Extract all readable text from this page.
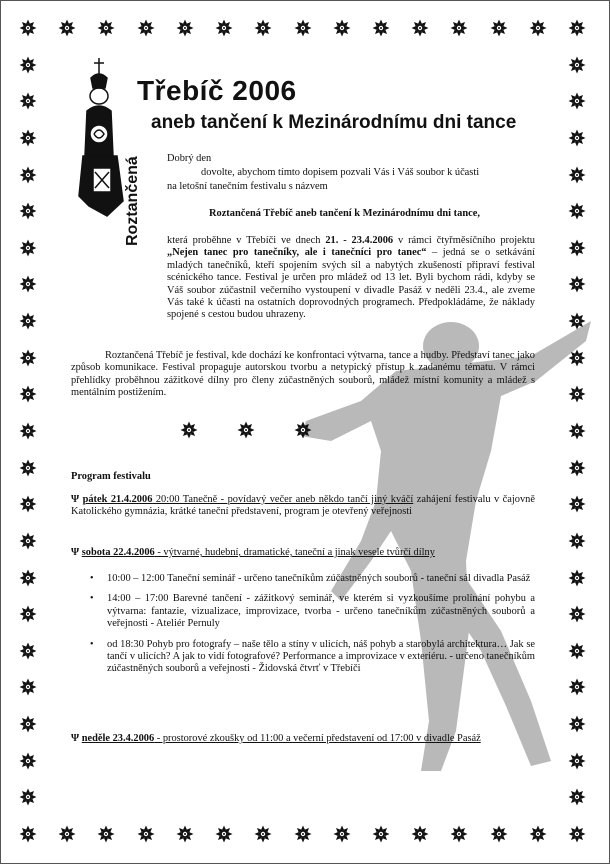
Roztančená
Třebíč 2006
aneb tančení k Mezinárodnímu dni tance
Dobrý den
dovolte, abychom tímto dopisem pozvali Vás i Váš soubor k účasti
na letošní tanečním festivalu s názvem
Roztančená Třebíč aneb tančení k Mezinárodnímu dni tance,
která proběhne v Třebíči ve dnech 21. - 23.4.2006 v rámci čtyřměsíčního projektu „Nejen tanec pro tanečníky, ale i tanečníci pro tanec“ – jedná se o setkávání mladých tanečníků, kteří spojením svých sil a nabytých zkušeností připraví festival scénického tance. Festival je určen pro mládež od 13 let. Byli bychom rádi, kdyby se Váš soubor zúčastnil večerního vystoupení v divadle Pasáž v neděli 23.4., ale zveme Vás také k účasti na ostatních doprovodných programech. Předpokládáme, že náklady spojené s cestou budou uhrazeny.
Roztančená Třebíč je festival, kde dochází ke konfrontaci výtvarna, tance a hudby. Představí tanec jako způsob komunikace. Festival propaguje autorskou tvorbu a netypický přístup k zadanému tématu. V rámci přehlídky proběhnou zážitkové dílny pro členy zúčastněných souborů, mládež místní komunity a mládež s mentálním postižením.
Program festivalu
Ψ pátek 21.4.2006 20:00 Tanečně - povídavý večer aneb někdo tančí jiný kváčí zahájení festivalu v čajovně Katolického gymnázia, krátké taneční představení, program je otevřený veřejnosti
Ψ sobota 22.4.2006 - výtvarné, hudební, dramatické, taneční a jinak vesele tvůrčí dílny
• 10:00 – 12:00 Taneční seminář - určeno tanečníkům zúčastněných souborů - taneční sál divadla Pasáž
• 14:00 – 17:00 Barevné tančení - zážitkový seminář, ve kterém si vyzkoušíme prolínání pohybu a výtvarna: fantazie, vizualizace, improvizace, tvorba - určeno tanečníkům zúčastněných souborů a veřejnosti - Ateliér Pernuly
• od 18:30 Pohyb pro fotografy – naše tělo a stíny v ulicích, náš pohyb a starobylá architektura… Jak se tančí v ulicích? A jak to vidí fotografové? Performance a improvizace v exteriéru. - určeno tanečníkům zúčastněných souborů a veřejnosti - Židovská čtvrť v Třebíči
Ψ neděle 23.4.2006 - prostorové zkoušky od 11:00 a večerní představení od 17:00 v divadle Pasáž
